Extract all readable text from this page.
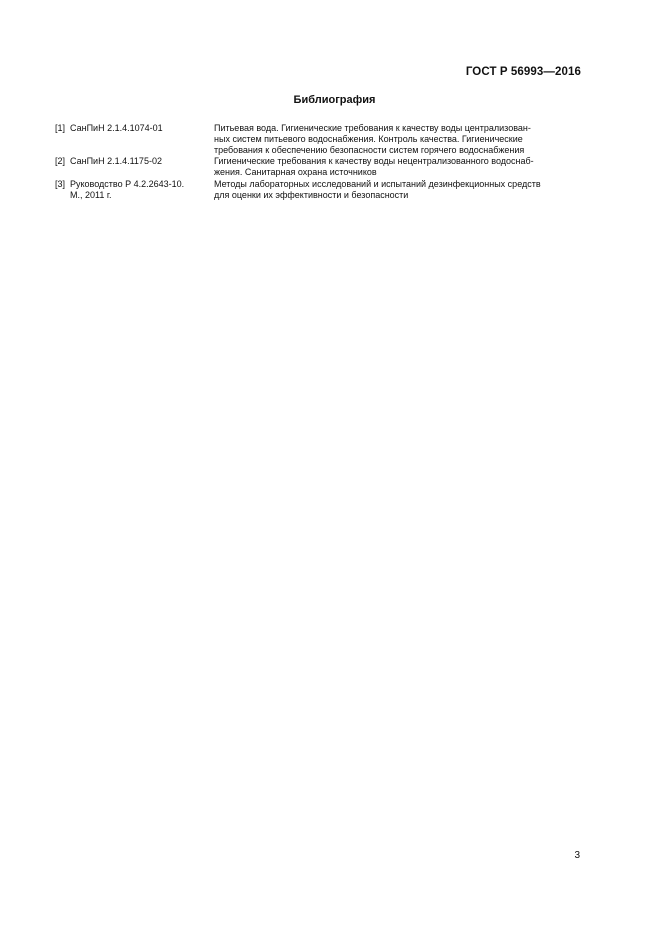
ГОСТ Р 56993—2016
Библиография
[1] СанПиН 2.1.4.1074-01	Питьевая вода. Гигиенические требования к качеству воды централизован-
ных систем питьевого водоснабжения. Контроль качества. Гигиенические
требования к обеспечению безопасности систем горячего водоснабжения
[2] СанПиН 2.1.4.1175-02	Гигиенические требования к качеству воды нецентрализованного водоснаб-
жения. Санитарная охрана источников
[3] Руководство Р 4.2.2643-10.
М., 2011 г.
Методы лабораторных исследований и испытаний дезинфекционных средств
для оценки их эффективности и безопасности
3
